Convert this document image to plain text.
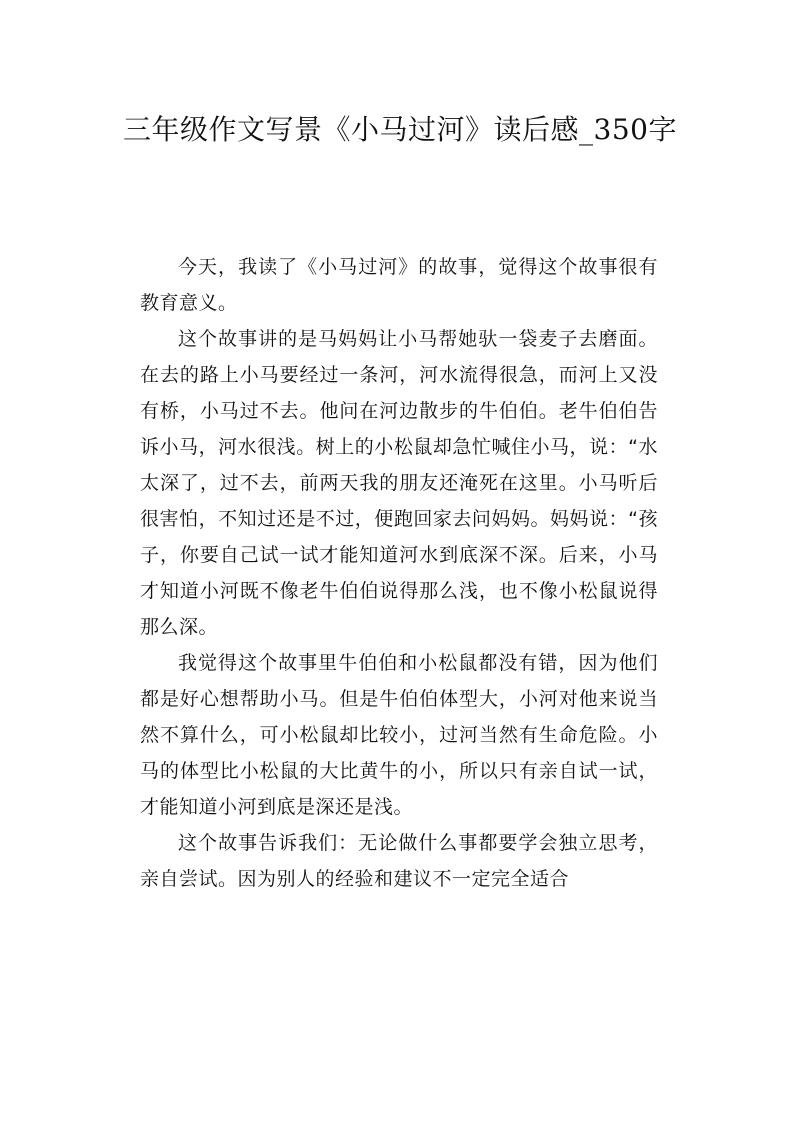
三年级作文写景《小马过河》读后感_350字

今天，我读了《小马过河》的故事，觉得这个故事很有教育意义。

这个故事讲的是马妈妈让小马帮她驮一袋麦子去磨面。在去的路上小马要经过一条河，河水流得很急，而河上又没有桥，小马过不去。他问在河边散步的牛伯伯。老牛伯伯告诉小马，河水很浅。树上的小松鼠却急忙喊住小马，说：“水太深了，过不去，前两天我的朋友还淹死在这里。小马听后很害怕，不知过还是不过，便跑回家去问妈妈。妈妈说：“孩子，你要自己试一试才能知道河水到底深不深。后来，小马才知道小河既不像老牛伯伯说得那么浅，也不像小松鼠说得那么深。

我觉得这个故事里牛伯伯和小松鼠都没有错，因为他们都是好心想帮助小马。但是牛伯伯体型大，小河对他来说当然不算什么，可小松鼠却比较小，过河当然有生命危险。小马的体型比小松鼠的大比黄牛的小，所以只有亲自试一试，才能知道小河到底是深还是浅。

这个故事告诉我们：无论做什么事都要学会独立思考，亲自尝试。因为别人的经验和建议不一定完全适合
